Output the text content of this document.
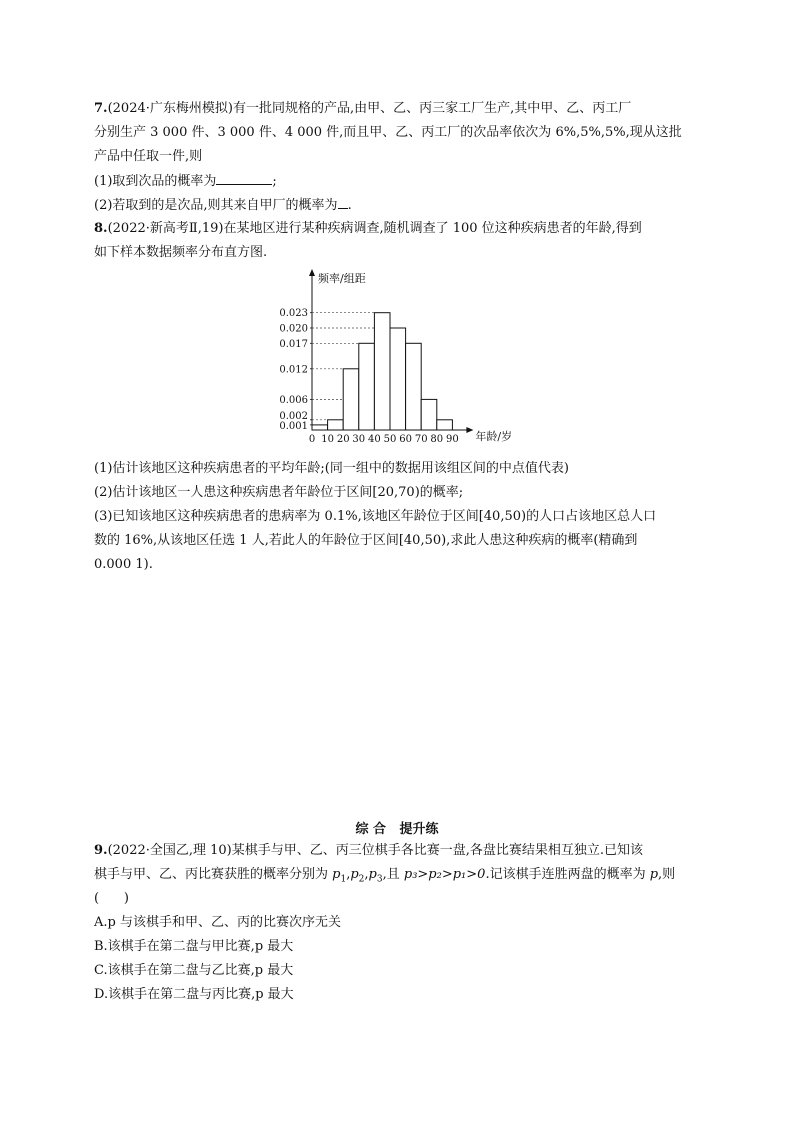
7.(2024·广东梅州模拟)有一批同规格的产品,由甲、乙、丙三家工厂生产,其中甲、乙、丙工厂
分别生产 3 000 件、3 000 件、4 000 件,而且甲、乙、丙工厂的次品率依次为 6%,5%,5%,现从这批
产品中任取一件,则
(1)取到次品的概率为	;
(2)若取到的是次品,则其来自甲厂的概率为 .
8.(2022·新高考Ⅱ,19)在某地区进行某种疾病调查,随机调查了 100 位这种疾病患者的年龄,得到
如下样本数据频率分布直方图.
频率/组距
年龄/岁
0.001
0.002
0.006
0.012
0.017
0.020
0.023
0 10 20 30 40 50 60 70 80 90
(1)估计该地区这种疾病患者的平均年龄;(同一组中的数据用该组区间的中点值代表)
(2)估计该地区一人患这种疾病患者年龄位于区间[20,70)的概率;
(3)已知该地区这种疾病患者的患病率为 0.1%,该地区年龄位于区间[40,50)的人口占该地区总人口
数的 16%,从该地区任选 1 人,若此人的年龄位于区间[40,50),求此人患这种疾病的概率(精确到
0.000 1).
综 合   提升练
9.(2022·全国乙,理 10)某棋手与甲、乙、丙三位棋手各比赛一盘,各盘比赛结果相互独立.已知该
棋手与甲、乙、丙比赛获胜的概率分别为 $p_1,p_2,p_3$,且 p₃>p₂>p₁>0.记该棋手连胜两盘的概率为 p,则
(      )
A.p 与该棋手和甲、乙、丙的比赛次序无关
B.该棋手在第二盘与甲比赛,p 最大
C.该棋手在第二盘与乙比赛,p 最大
D.该棋手在第二盘与丙比赛,p 最大
